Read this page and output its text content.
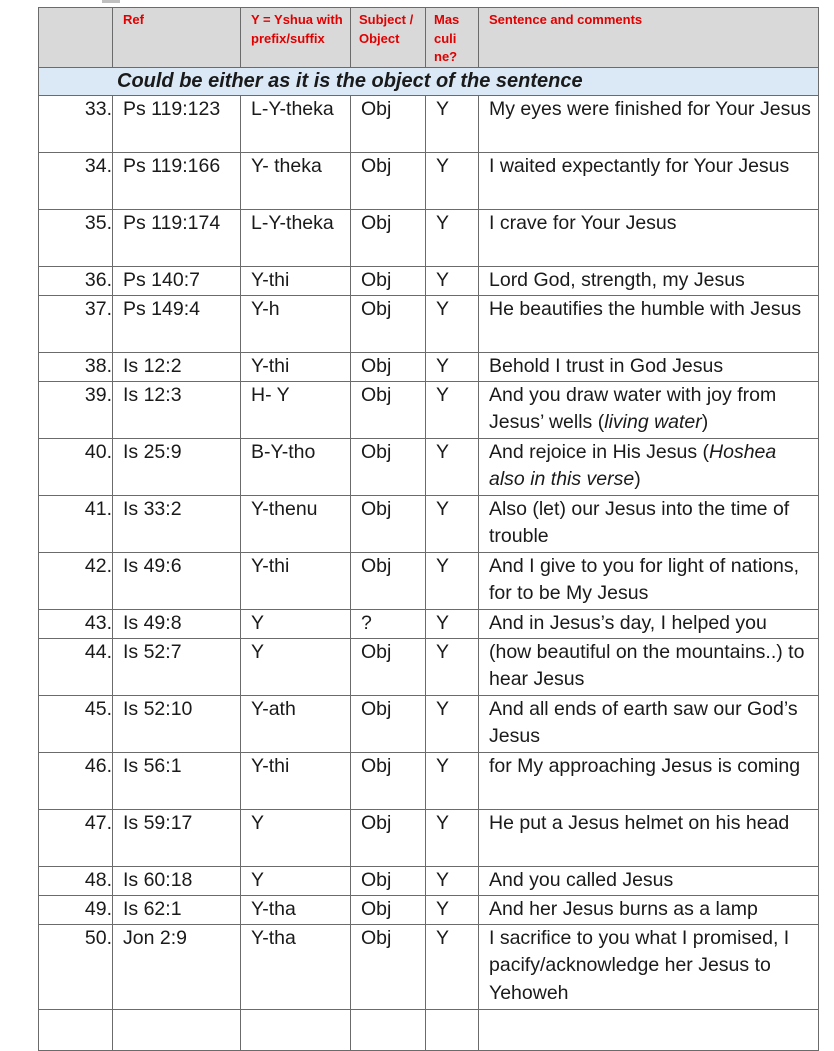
	Ref	Y = Yshua with prefix/suffix	Subject / Object	Mas culi ne?	Sentence and comments

Could be either as it is the object of the sentence					

33.	Ps 119:123	L-Y-theka	Obj	Y	My eyes were finished for Your Jesus

34.	Ps 119:166	Y- theka	Obj	Y	I waited expectantly for Your Jesus

35.	Ps 119:174	L-Y-theka	Obj	Y	I crave for Your Jesus

36.	Ps 140:7	Y-thi	Obj	Y	Lord God, strength, my Jesus

37.	Ps 149:4	Y-h	Obj	Y	He beautifies the humble with Jesus

38.	Is 12:2	Y-thi	Obj	Y	Behold I trust in God Jesus

39.	Is 12:3	H- Y	Obj	Y	And you draw water with joy from Jesus’ wells (living water)

40.	Is 25:9	B-Y-tho	Obj	Y	And rejoice in His Jesus (Hoshea also in this verse)

41.	Is 33:2	Y-thenu	Obj	Y	Also (let) our Jesus into the time of trouble

42.	Is 49:6	Y-thi	Obj	Y	And I give to you for light of nations, for to be My Jesus

43.	Is 49:8	Y	?	Y	And in Jesus’s day, I helped you

44.	Is 52:7	Y	Obj	Y	(how beautiful on the mountains..) to hear Jesus

45.	Is 52:10	Y-ath	Obj	Y	And all ends of earth saw our God’s Jesus

46.	Is 56:1	Y-thi	Obj	Y	for My approaching Jesus is coming

47.	Is 59:17	Y	Obj	Y	He put a Jesus helmet on his head

48.	Is 60:18	Y	Obj	Y	And you called Jesus

49.	Is 62:1	Y-tha	Obj	Y	And her Jesus burns as a lamp

50.	Jon 2:9	Y-tha	Obj	Y	I sacrifice to you what I promised, I pacify/acknowledge her Jesus to Yehoweh
